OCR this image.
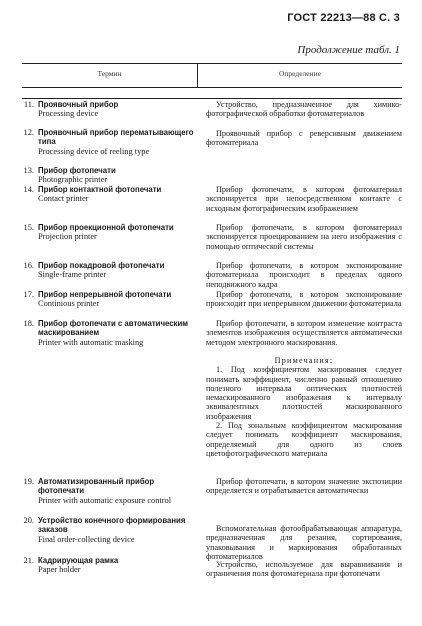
ГОСТ 22213—88 С. 3
Продолжение табл. 1
Термин	Определение
11. Проявочный прибор
Processing device
Устройство, предназначенное для химико-фотографической обработки фотоматериалов
12. Проявочный прибор перематывающего типа
Processing device of reeling type
Проявочный прибор с реверсивным движением фотоматериала
13. Прибор фотопечати
Photographic printer
14. Прибор контактной фотопечати
Contact printer
Прибор фотопечати, в котором фотоматериал экспонируется при непосредственном контакте с исходным фотографическим изображением
15. Прибор проекционной фотопечати
Projection printer
Прибор фотопечати, в котором фотоматериал экспонируется проецированием на него изображения с помощью оптической системы
16. Прибор покадровой фотопечати
Single-frame printer
Прибор фотопечати, в котором экспонирование фотоматериала происходит в пределах одного неподвижного кадра
17. Прибор непрерывной фотопечати
Continious printer
Прибор фотопечати, в котором экспонирование происходит при непрерывном движении фотоматериала
18. Прибор фотопечати с автоматическим маскированием
Printer with automatic masking
Прибор фотопечати, в котором изменение контраста элементов изображения осуществляется автоматически методом электронного маскирования.
Примечания:

1. Под коэффициентом маскирования следует понимать коэффициент, численно равный отношению полезного интервала оптических плотностей немаскированного изображения к интервалу эквивалентных плотностей маскированного изображения

2. Под зональным коэффициентом маскирования следует понимать коэффициент маскирования, определяемый для одного из слоев цветофотографического материала

19. Автоматизированный прибор фотопечати
Printer with automatic exposure control
Прибор фотопечати, в котором значение экспозиции определяется и отрабатывается автоматически
20. Устройство конечного формирования заказов
Final order-collecting device
Вспомогательная фотообрабатывающая аппаратура, предназначенная для резания, сортирования, упаковывания и маркирования обработанных фотоматериалов
21. Кадрирующая рамка
Paper holder
Устройство, используемое для выравнивания и ограничения поля фотоматериала при фотопечати
